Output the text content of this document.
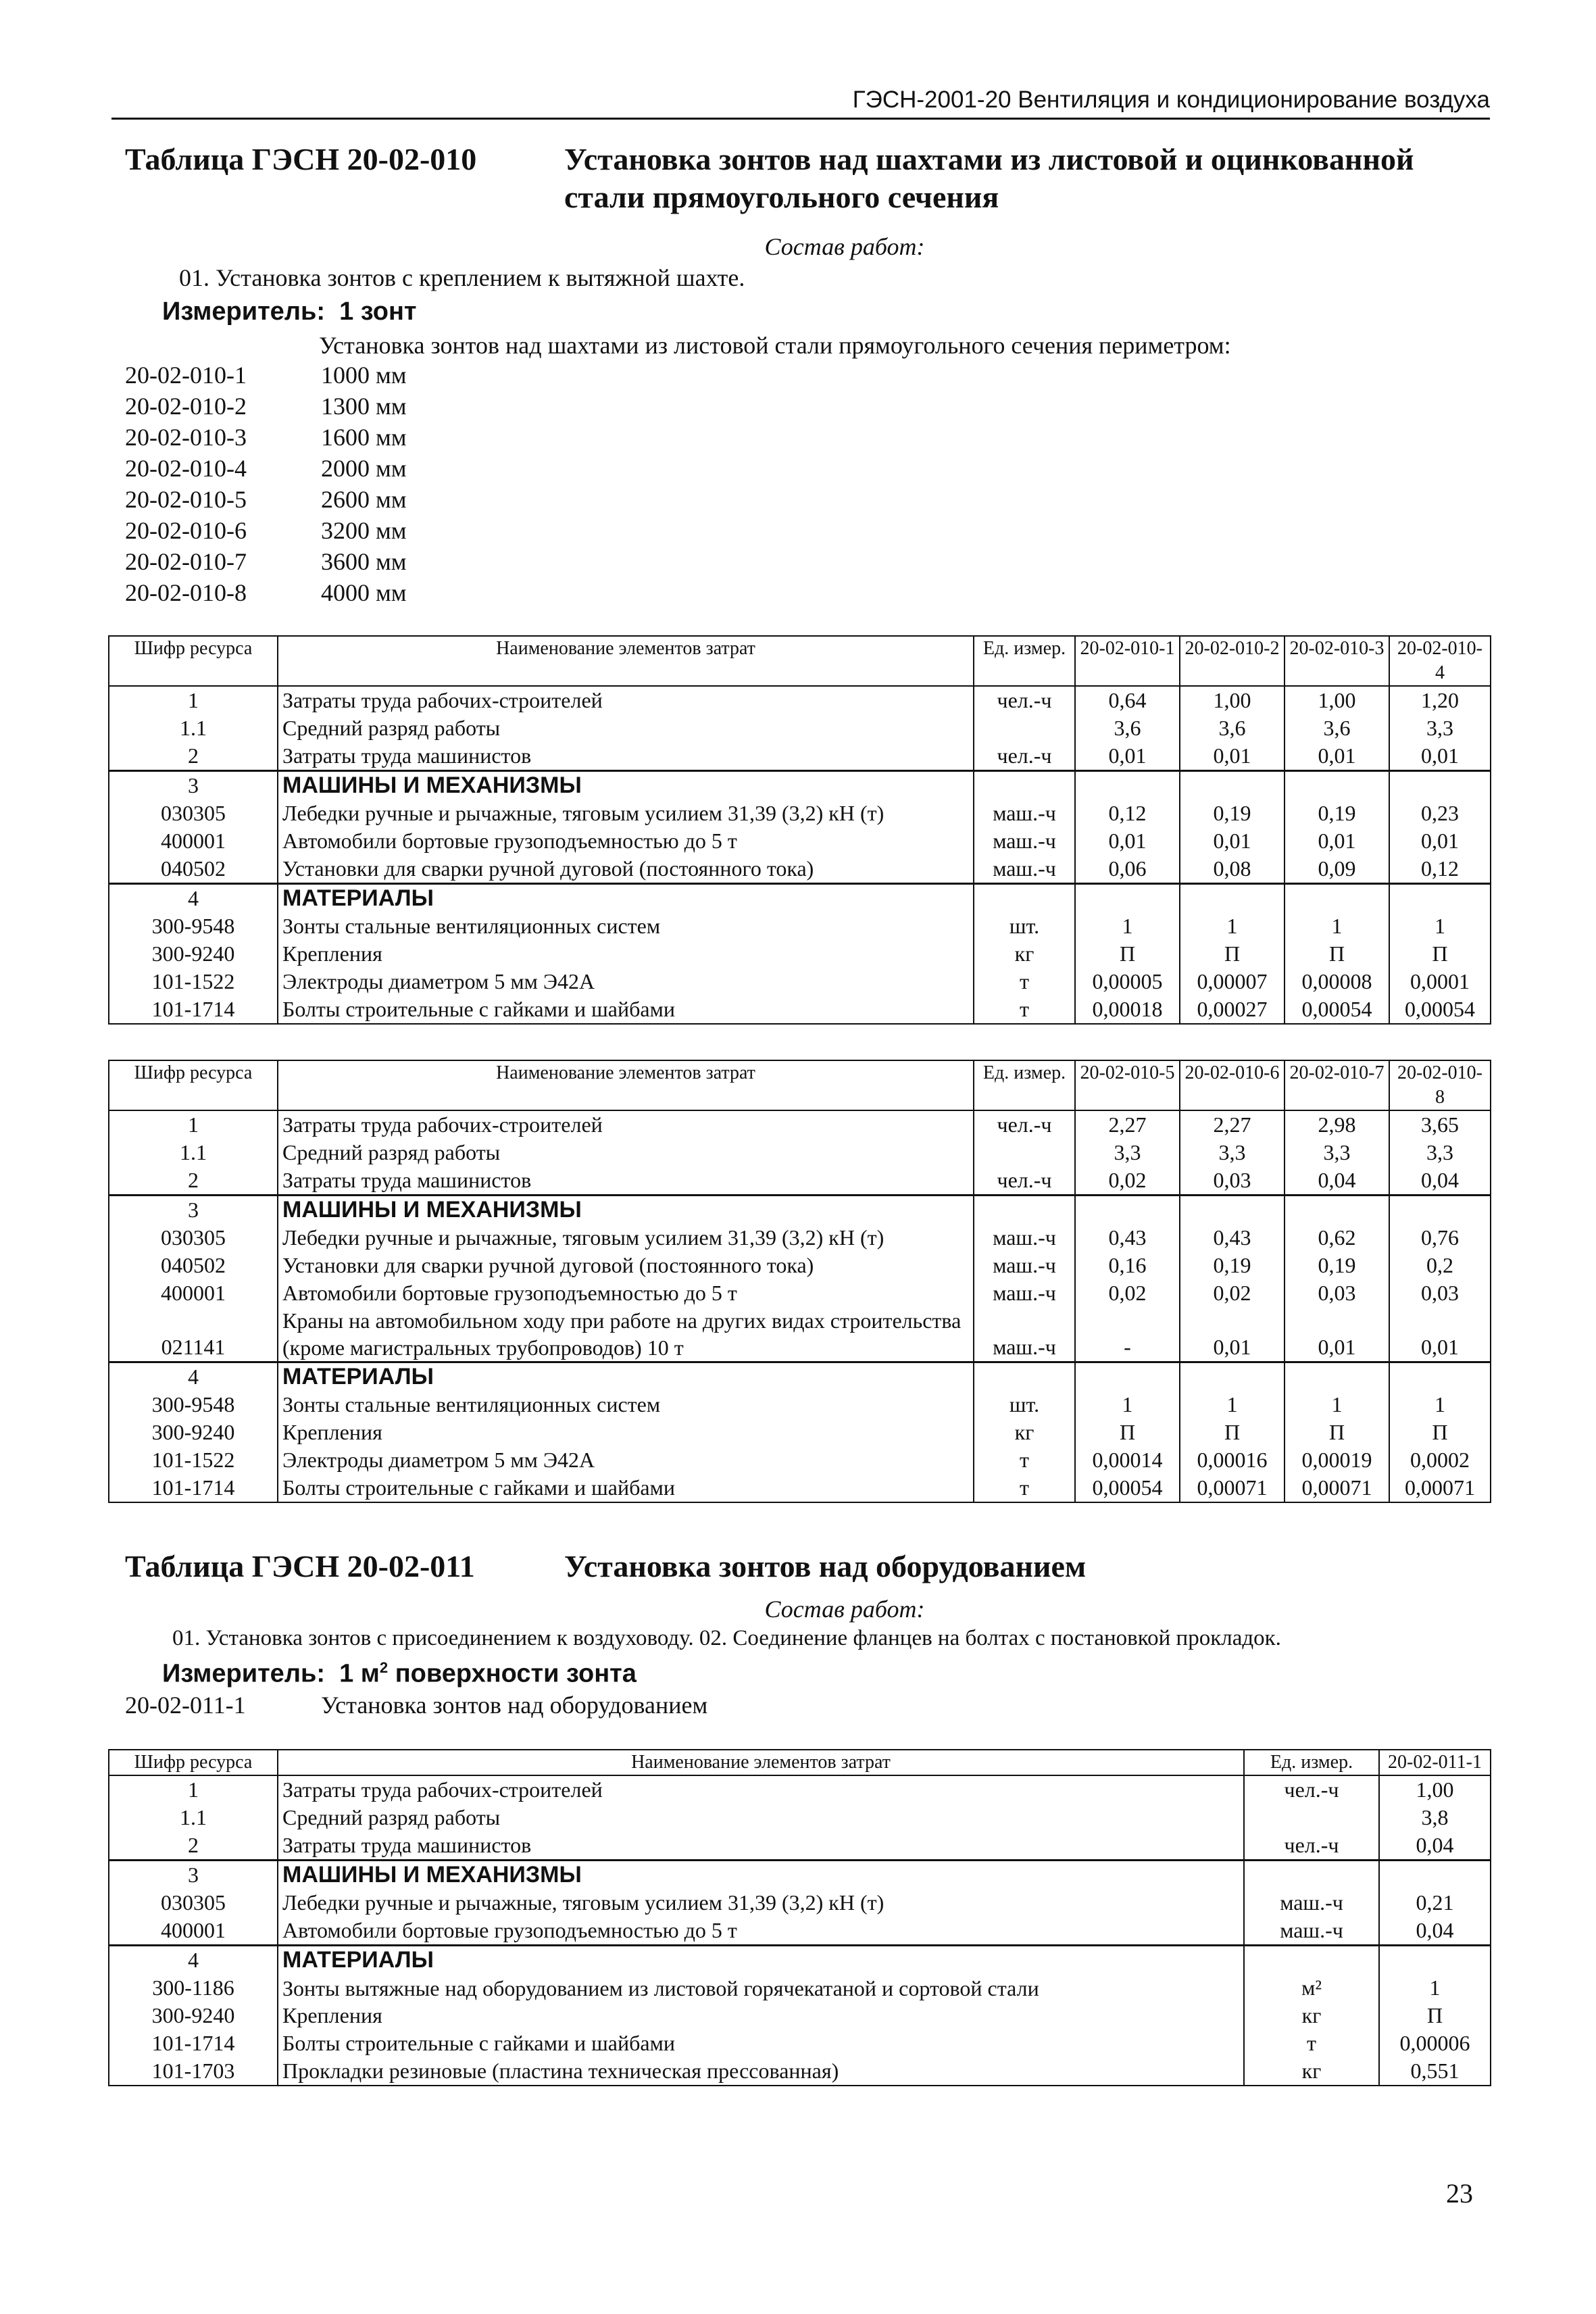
ГЭСН-2001-20 Вентиляция и кондиционирование воздуха
Таблица ГЭСН 20-02-010	Установка зонтов над шахтами из листовой и оцинкованной стали прямоугольного сечения
Состав работ:
01. Установка зонтов с креплением к вытяжной шахте.
Измеритель: 1 зонт
Установка зонтов над шахтами из листовой стали прямоугольного сечения периметром:
20-02-010-1	1000 мм
20-02-010-2	1300 мм
20-02-010-3	1600 мм
20-02-010-4	2000 мм
20-02-010-5	2600 мм
20-02-010-6	3200 мм
20-02-010-7	3600 мм
20-02-010-8	4000 мм
Шифр ресурса	Наименование элементов затрат	Ед. измер.	20-02-010-1	20-02-010-2	20-02-010-3	20-02-010-4
1	Затраты труда рабочих-строителей	чел.-ч	0,64	1,00	1,00	1,20
1.1	Средний разряд работы		3,6	3,6	3,6	3,3
2	Затраты труда машинистов	чел.-ч	0,01	0,01	0,01	0,01
3	МАШИНЫ И МЕХАНИЗМЫ					
030305	Лебедки ручные и рычажные, тяговым усилием 31,39 (3,2) кН (т)	маш.-ч	0,12	0,19	0,19	0,23
400001	Автомобили бортовые грузоподъемностью до 5 т	маш.-ч	0,01	0,01	0,01	0,01
040502	Установки для сварки ручной дуговой (постоянного тока)	маш.-ч	0,06	0,08	0,09	0,12
4	МАТЕРИАЛЫ					
300-9548	Зонты стальные вентиляционных систем	шт.	1	1	1	1
300-9240	Крепления	кг	П	П	П	П
101-1522	Электроды диаметром 5 мм Э42А	т	0,00005	0,00007	0,00008	0,0001
101-1714	Болты строительные с гайками и шайбами	т	0,00018	0,00027	0,00054	0,00054
Шифр ресурса	Наименование элементов затрат	Ед. измер.	20-02-010-5	20-02-010-6	20-02-010-7	20-02-010-8
1	Затраты труда рабочих-строителей	чел.-ч	2,27	2,27	2,98	3,65
1.1	Средний разряд работы		3,3	3,3	3,3	3,3
2	Затраты труда машинистов	чел.-ч	0,02	0,03	0,04	0,04
3	МАШИНЫ И МЕХАНИЗМЫ					
030305	Лебедки ручные и рычажные, тяговым усилием 31,39 (3,2) кН (т)	маш.-ч	0,43	0,43	0,62	0,76
040502	Установки для сварки ручной дуговой (постоянного тока)	маш.-ч	0,16	0,19	0,19	0,2
400001	Автомобили бортовые грузоподъемностью до 5 т	маш.-ч	0,02	0,02	0,03	0,03
021141	Краны на автомобильном ходу при работе на других видах строительства (кроме магистральных трубопроводов) 10 т	маш.-ч	-	0,01	0,01	0,01
4	МАТЕРИАЛЫ					
300-9548	Зонты стальные вентиляционных систем	шт.	1	1	1	1
300-9240	Крепления	кг	П	П	П	П
101-1522	Электроды диаметром 5 мм Э42А	т	0,00014	0,00016	0,00019	0,0002
101-1714	Болты строительные с гайками и шайбами	т	0,00054	0,00071	0,00071	0,00071
Таблица ГЭСН 20-02-011	Установка зонтов над оборудованием
Состав работ:
01. Установка зонтов с присоединением к воздуховоду. 02. Соединение фланцев на болтах с постановкой прокладок.
Измеритель: 1 $м^2$ поверхности зонта
20-02-011-1	Установка зонтов над оборудованием
Шифр ресурса	Наименование элементов затрат	Ед. измер.	20-02-011-1
1	Затраты труда рабочих-строителей	чел.-ч	1,00
1.1	Средний разряд работы		3,8
2	Затраты труда машинистов	чел.-ч	0,04
3	МАШИНЫ И МЕХАНИЗМЫ		
030305	Лебедки ручные и рычажные, тяговым усилием 31,39 (3,2) кН (т)	маш.-ч	0,21
400001	Автомобили бортовые грузоподъемностью до 5 т	маш.-ч	0,04
4	МАТЕРИАЛЫ		
300-1186	Зонты вытяжные над оборудованием из листовой горячекатаной и сортовой стали	м²	1
300-9240	Крепления	кг	П
101-1714	Болты строительные с гайками и шайбами	т	0,00006
101-1703	Прокладки резиновые (пластина техническая прессованная)	кг	0,551
23
